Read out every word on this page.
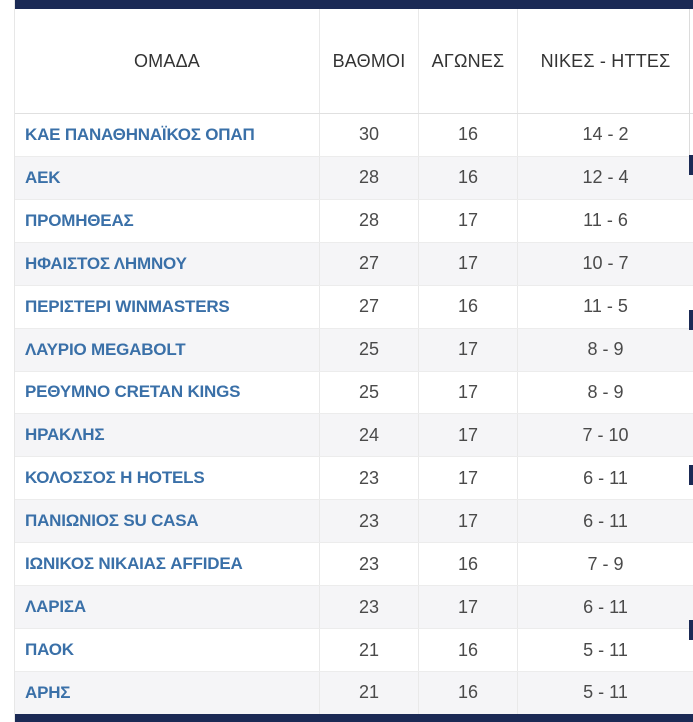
ΟΜΑΔΑ	ΒΑΘΜΟΙ	ΑΓΩΝΕΣ	ΝΙΚΕΣ - ΗΤΤΕΣ
ΚΑΕ ΠΑΝΑΘΗΝΑΪΚΟΣ ΟΠΑΠ	30	16	14 - 2
ΑΕΚ	28	16	12 - 4
ΠΡΟΜΗΘΕΑΣ	28	17	11 - 6
ΗΦΑΙΣΤΟΣ ΛΗΜΝΟΥ	27	17	10 - 7
ΠΕΡΙΣΤΕΡΙ WINMASTERS	27	16	11 - 5
ΛΑΥΡΙΟ MEGABOLT	25	17	8 - 9
ΡΕΘΥΜΝΟ CRETAN KINGS	25	17	8 - 9
ΗΡΑΚΛΗΣ	24	17	7 - 10
ΚΟΛΟΣΣΟΣ Η HOTELS	23	17	6 - 11
ΠΑΝΙΩΝΙΟΣ SU CASA	23	17	6 - 11
ΙΩΝΙΚΟΣ ΝΙΚΑΙΑΣ AFFIDEA	23	16	7 - 9
ΛΑΡΙΣΑ	23	17	6 - 11
ΠΑΟΚ	21	16	5 - 11
ΑΡΗΣ	21	16	5 - 11
